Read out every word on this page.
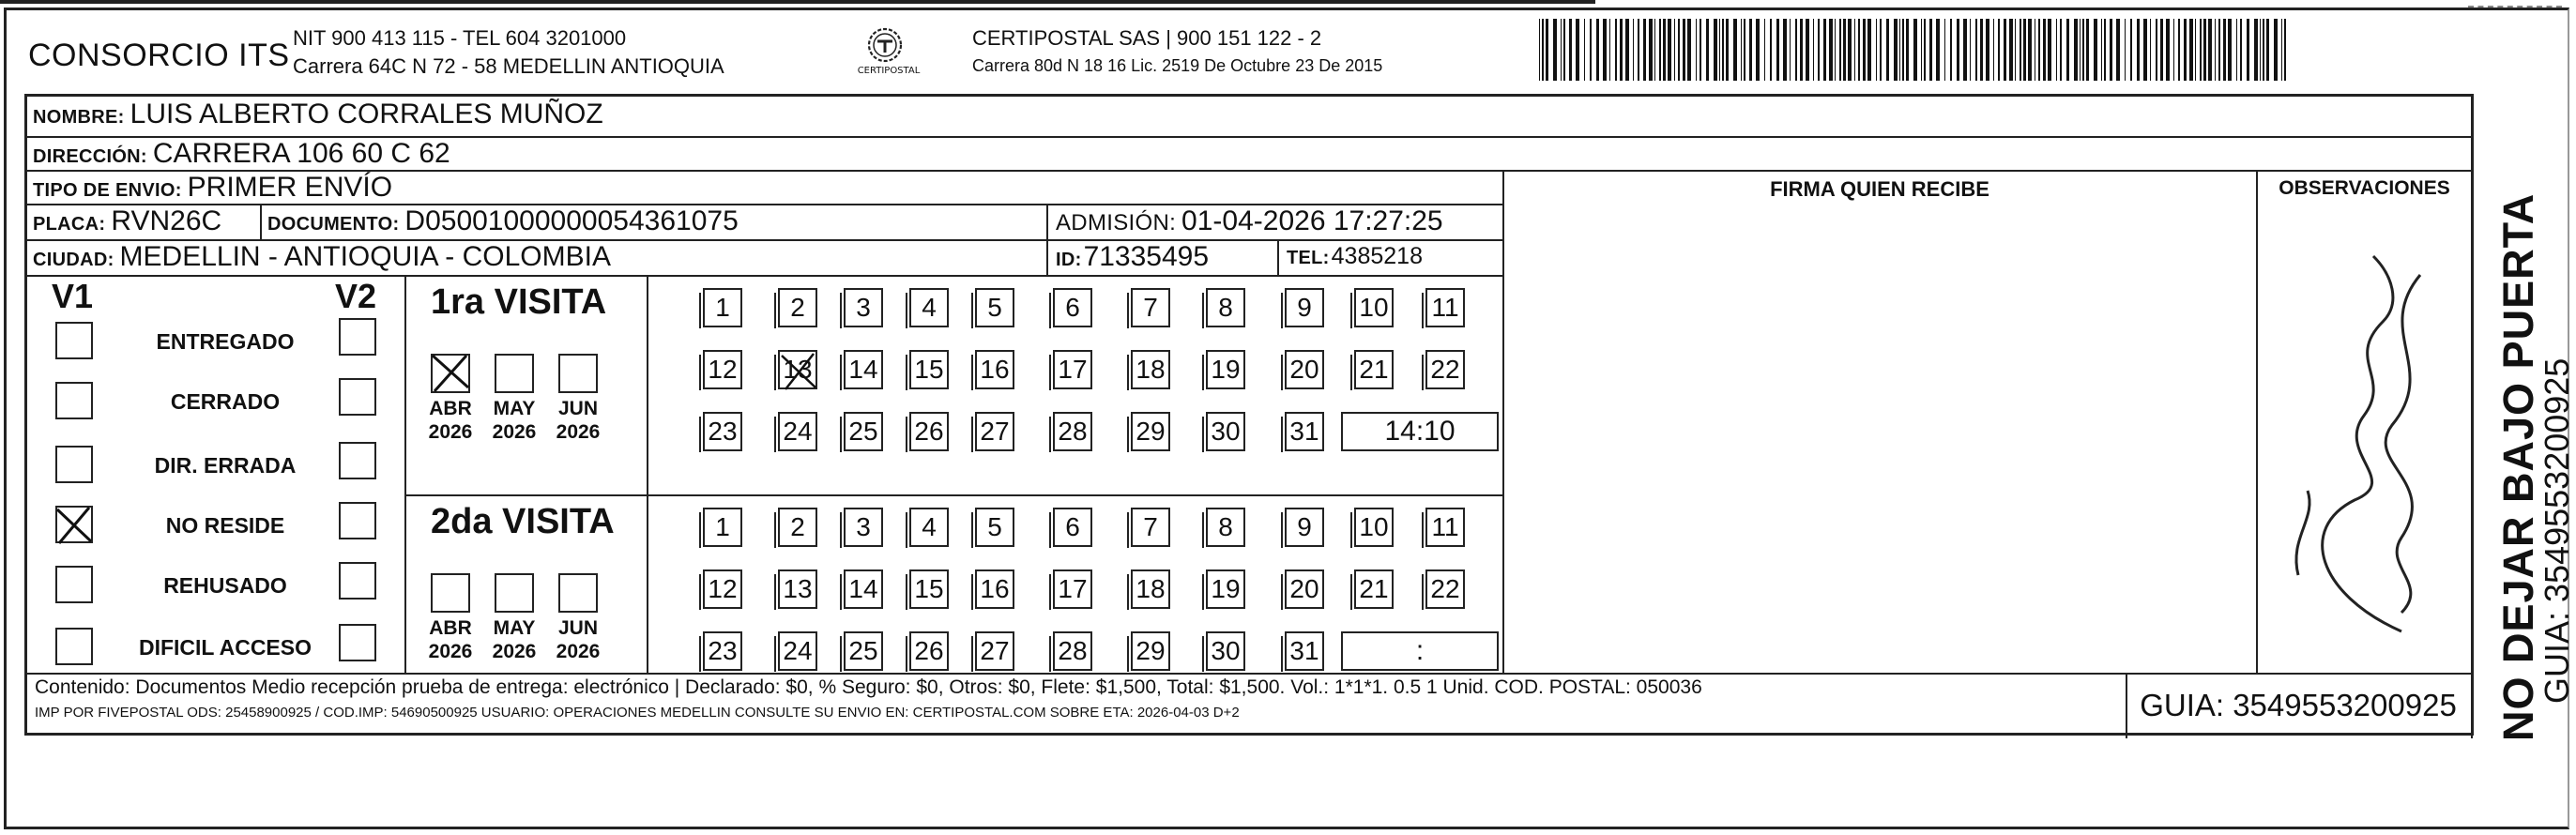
CONSORCIO ITS NIT 900 413 115 - TEL 604 3201000
Carrera 64C N 72 - 58 MEDELLIN ANTIOQUIA	CERTIPOSTAL
CERTIPOSTAL SAS | 900 151 122 - 2
Carrera 80d N 18 16 Lic. 2519 De Octubre 23 De 2015
NOMBRE: LUIS ALBERTO CORRALES MUÑOZ
DIRECCIÓN: CARRERA 106 60 C 62
TIPO DE ENVIO: PRIMER ENVÍO
PLACA: RVN26C DOCUMENTO: D05001000000054361075	ADMISIÓN: 01-04-2026 17:27:25
CIUDAD: MEDELLIN - ANTIOQUIA - COLOMBIA	ID: 71335495	TEL: 4385218
FIRMA QUIEN RECIBE	OBSERVACIONES
V1	V2
ENTREGADO
CERRADO
DIR. ERRADA
NO RESIDE
REHUSADO
DIFICIL ACCESO
1ra VISITA
ABR
2026
MAY
2026
JUN
2026
1	2	3	4	5	6	7	8	9	10 11
12 13 14 15 16 17 18 19 20 21 22
23 24 25 26 27 28 29 30 31	14:10
2da VISITA
ABR
2026
MAY
2026
JUN
2026
1	2	3	4	5	6	7	8	9	10 11
12 13 14 15 16 17 18 19 20 21 22
23 24 25 26 27 28 29 30 31	:
Contenido: Documentos Medio recepción prueba de entrega: electrónico | Declarado: $0, % Seguro: $0, Otros: $0, Flete: $1,500, Total: $1,500. Vol.: 1*1*1. 0.5 1 Unid. COD. POSTAL: 050036
IMP POR FIVEPOSTAL ODS: 25458900925 / COD.IMP: 54690500925 USUARIO: OPERACIONES MEDELLIN CONSULTE SU ENVIO EN: CERTIPOSTAL.COM SOBRE ETA: 2026-04-03 D+2	GUIA: 3549553200925 NO DEJAR BAJO PUERTA
GUIA: 3549553200925
